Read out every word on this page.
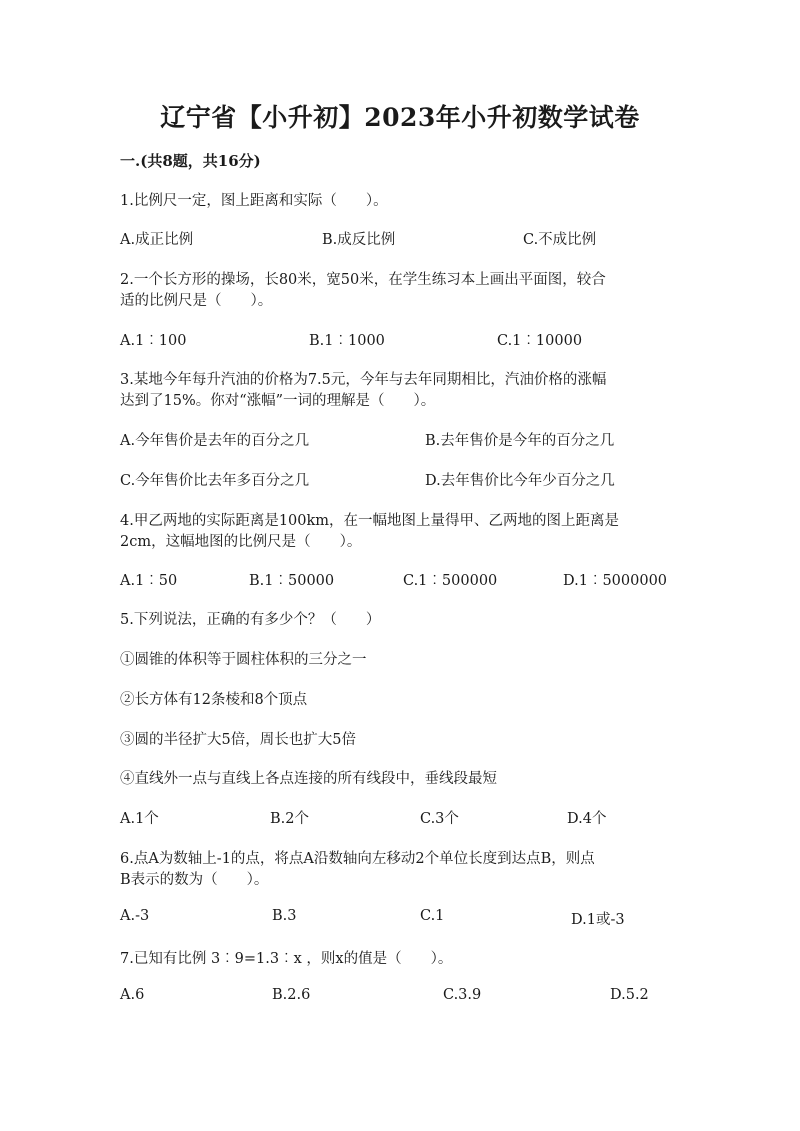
辽宁省【小升初】2023年小升初数学试卷
一.(共8题，共16分)
1.比例尺一定，图上距离和实际（　　）。
A.成正比例	B.成反比例	C.不成比例
2.一个长方形的操场，长80米，宽50米，在学生练习本上画出平面图，较合
适的比例尺是（　　）。
A.1︰100	B.1︰1000	C.1︰10000
3.某地今年每升汽油的价格为7.5元，今年与去年同期相比，汽油价格的涨幅
达到了15%。你对“涨幅”一词的理解是（　　）。
A.今年售价是去年的百分之几	B.去年售价是今年的百分之几
C.今年售价比去年多百分之几	D.去年售价比今年少百分之几
4.甲乙两地的实际距离是100km，在一幅地图上量得甲、乙两地的图上距离是
2cm，这幅地图的比例尺是（　　）。
A.1︰50	B.1︰50000	C.1︰500000	D.1︰5000000
5.下列说法，正确的有多少个？（　　）
①圆锥的体积等于圆柱体积的三分之一
②长方体有12条棱和8个顶点
③圆的半径扩大5倍，周长也扩大5倍
④直线外一点与直线上各点连接的所有线段中，垂线段最短
A.1个	B.2个	C.3个	D.4个
6.点A为数轴上-1的点，将点A沿数轴向左移动2个单位长度到达点B，则点
B表示的数为（　　）。
A.-3	B.3	C.1	D.1或-3
7.已知有比例 3︰9=1.3︰x ，则x的值是（　　）。
A.6	B.2.6	C.3.9	D.5.2
